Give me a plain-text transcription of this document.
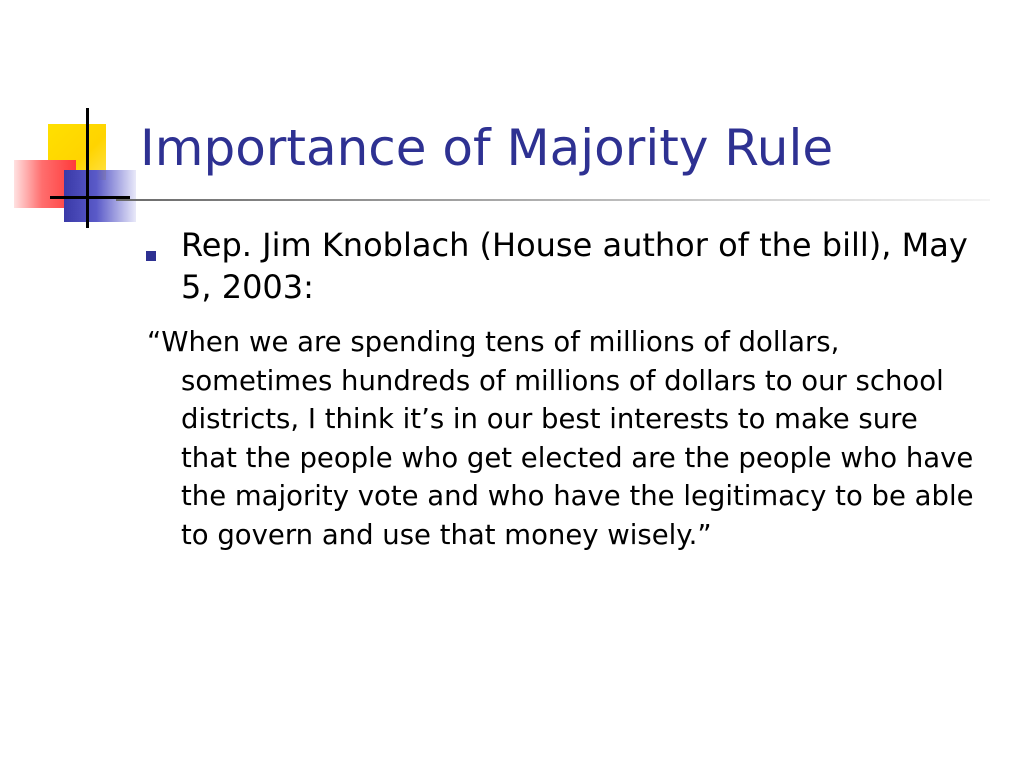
Importance of Majority Rule

Rep. Jim Knoblach (House author of the bill), May 5, 2003:

“When we are spending tens of millions of dollars, sometimes hundreds of millions of dollars to our school districts, I think it’s in our best interests to make sure that the people who get elected are the people who have the majority vote and who have the legitimacy to be able to govern and use that money wisely.”
